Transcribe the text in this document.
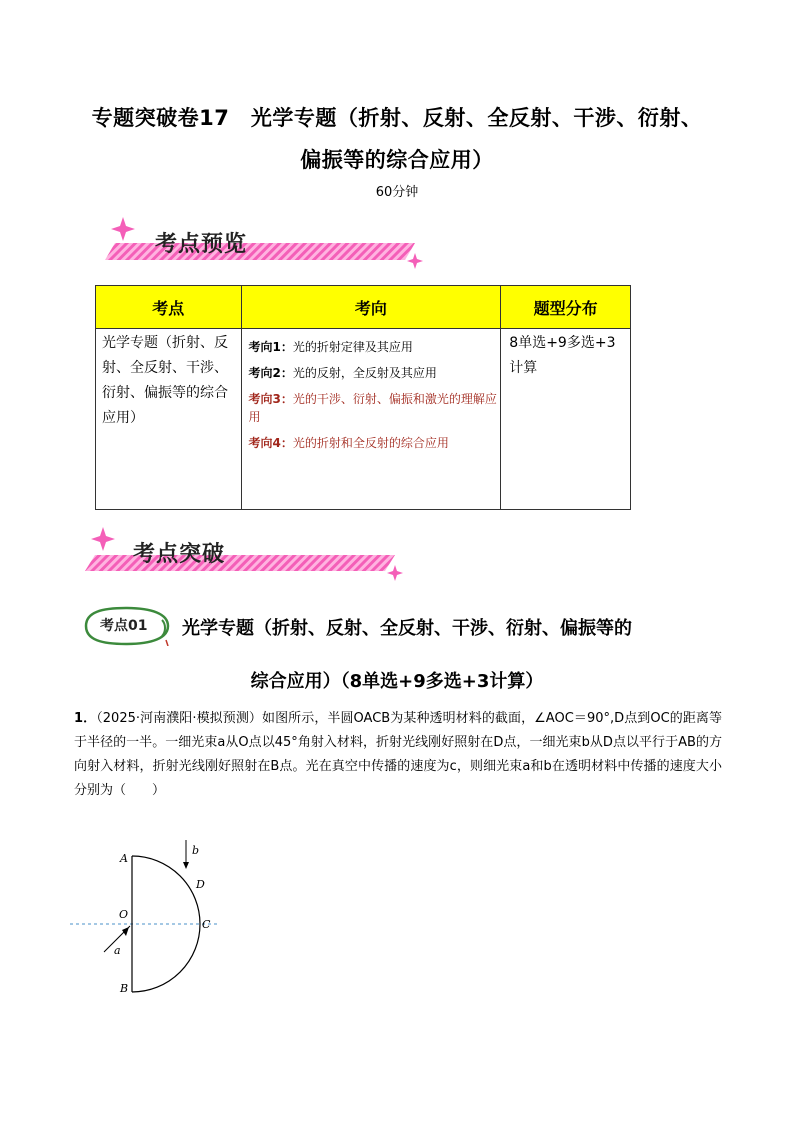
专题突破卷17　光学专题（折射、反射、全反射、干涉、衍射、
偏振等的综合应用）
60分钟
考点预览
考点	考向	题型分布
光学专题（折射、反射、全反射、干涉、衍射、偏振等的综合应用）	考向1：光的折射定律及其应用
考向2：光的反射，全反射及其应用
考向3：光的干涉、衍射、偏振和激光的理解应用
考向4：光的折射和全反射的综合应用	8单选+9多选+3计算
考点突破
考点01 光学专题（折射、反射、全反射、干涉、衍射、偏振等的
综合应用）（8单选+9多选+3计算）
1．（2025·河南濮阳·模拟预测）如图所示，半圆OACB为某种透明材料的截面，∠AOC＝90°,D点到OC的距离等于半径的一半。一细光束a从O点以45°角射入材料，折射光线刚好照射在D点，一细光束b从D点以平行于AB的方向射入材料，折射光线刚好照射在B点。光在真空中传播的速度为c，则细光束a和b在透明材料中传播的速度大小分别为（　　）
A
B
C
D
O
a
b
